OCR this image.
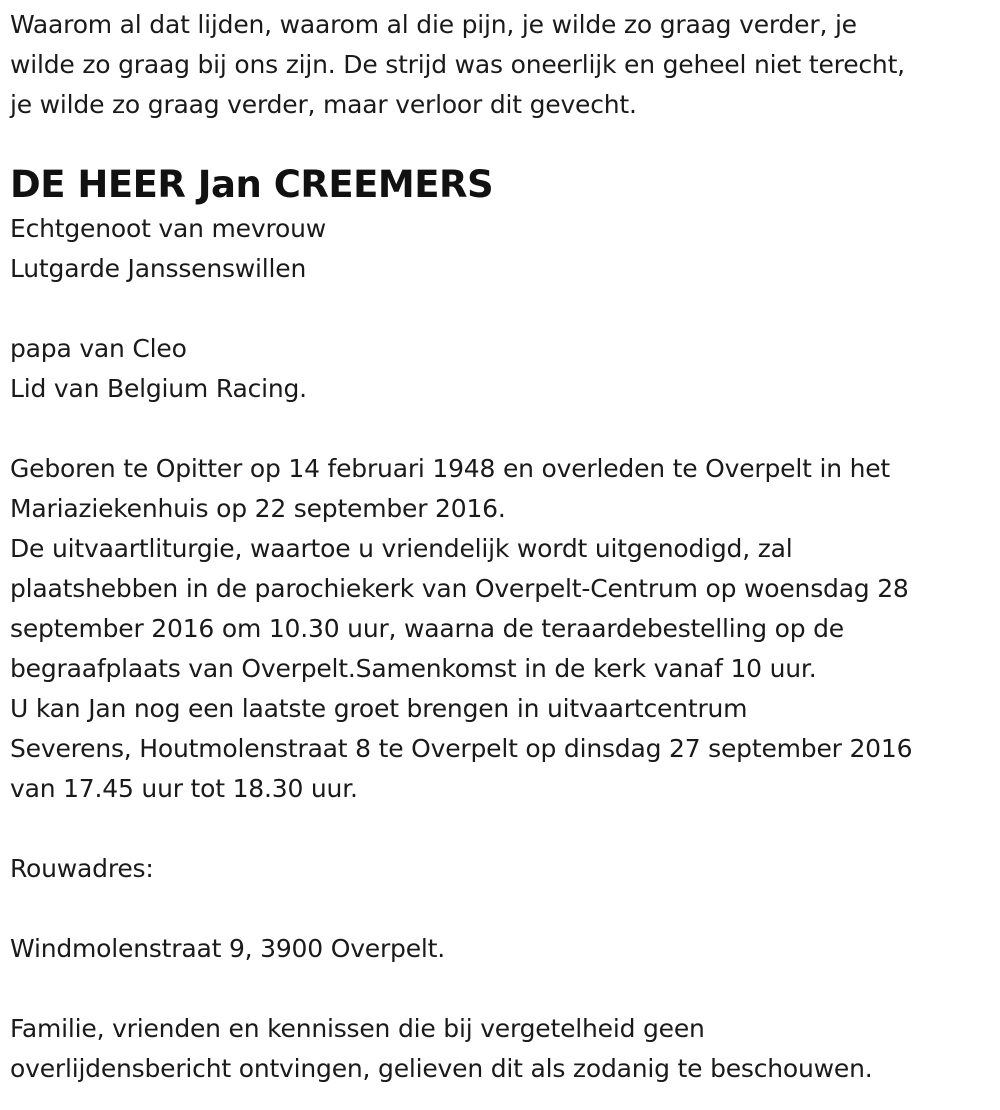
Waarom al dat lijden, waarom al die pijn, je wilde zo graag verder, je
wilde zo graag bij ons zijn. De strijd was oneerlijk en geheel niet terecht,
je wilde zo graag verder, maar verloor dit gevecht.
DE HEER Jan CREEMERS
Echtgenoot van mevrouw
Lutgarde Janssenswillen
papa van Cleo
Lid van Belgium Racing.
Geboren te Opitter op 14 februari 1948 en overleden te Overpelt in het
Mariaziekenhuis op 22 september 2016.
De uitvaartliturgie, waartoe u vriendelijk wordt uitgenodigd, zal
plaatshebben in de parochiekerk van Overpelt-Centrum op woensdag 28
september 2016 om 10.30 uur, waarna de teraardebestelling op de
begraafplaats van Overpelt.Samenkomst in de kerk vanaf 10 uur.
U kan Jan nog een laatste groet brengen in uitvaartcentrum
Severens, Houtmolenstraat 8 te Overpelt op dinsdag 27 september 2016
van 17.45 uur tot 18.30 uur.
Rouwadres:
Windmolenstraat 9, 3900 Overpelt.
Familie, vrienden en kennissen die bij vergetelheid geen
overlijdensbericht ontvingen, gelieven dit als zodanig te beschouwen.
